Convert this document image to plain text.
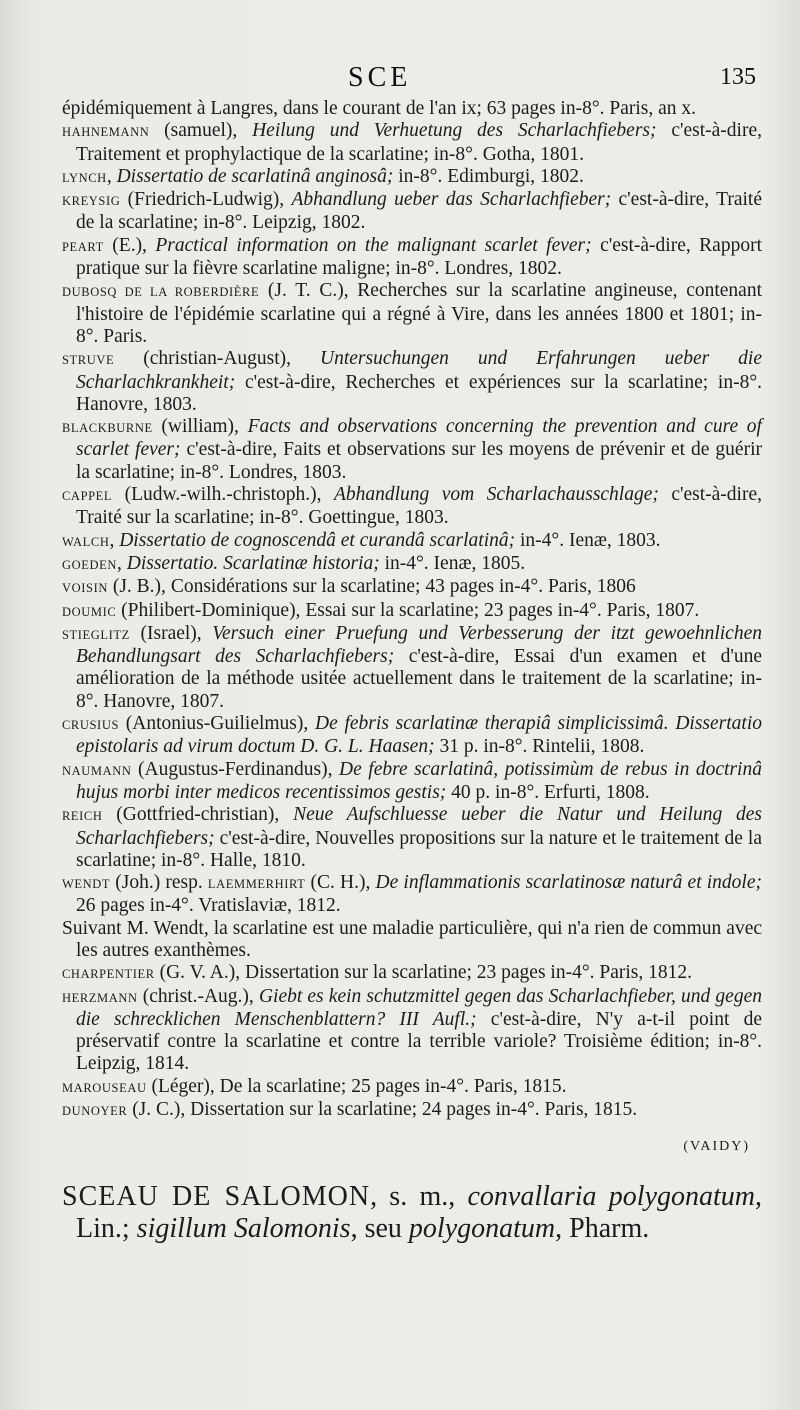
SCE	135

épidémiquement à Langres, dans le courant de l'an ix; 63 pages in-8°. Paris, an x.

HAHNEMANN (samuel), Heilung und Verhuetung des Scharlachfiebers; c'est-à-dire, Traitement et prophylactique de la scarlatine; in-8°. Gotha, 1801.

LYNCH, Dissertatio de scarlatinâ anginosâ; in-8°. Edimburgi, 1802.

KREYSIG (Friedrich-Ludwig), Abhandlung ueber das Scharlachfieber; c'est-à-dire, Traité de la scarlatine; in-8°. Leipzig, 1802.

PEART (E.), Practical information on the malignant scarlet fever; c'est-à-dire, Rapport pratique sur la fièvre scarlatine maligne; in-8°. Londres, 1802.

DUBOSQ DE LA ROBERDIÈRE (J. T. C.), Recherches sur la scarlatine angineuse, contenant l'histoire de l'épidémie scarlatine qui a régné à Vire, dans les années 1800 et 1801; in-8°. Paris.

STRUVE (christian-August), Untersuchungen und Erfahrungen ueber die Scharlachkrankheit; c'est-à-dire, Recherches et expériences sur la scarlatine; in-8°. Hanovre, 1803.

BLACKBURNE (william), Facts and observations concerning the prevention and cure of scarlet fever; c'est-à-dire, Faits et observations sur les moyens de prévenir et de guérir la scarlatine; in-8°. Londres, 1803.

CAPPEL (Ludw.-wilh.-christoph.), Abhandlung vom Scharlachausschlage; c'est-à-dire, Traité sur la scarlatine; in-8°. Goettingue, 1803.

WALCH, Dissertatio de cognoscendâ et curandâ scarlatinâ; in-4°. Ienæ, 1803.

GOEDEN, Dissertatio. Scarlatinæ historia; in-4°. Ienæ, 1805.

VOISIN (J. B.), Considérations sur la scarlatine; 43 pages in-4°. Paris, 1806

DOUMIC (Philibert-Dominique), Essai sur la scarlatine; 23 pages in-4°. Paris, 1807.

STIEGLITZ (Israel), Versuch einer Pruefung und Verbesserung der itzt gewoehnlichen Behandlungsart des Scharlachfiebers; c'est-à-dire, Essai d'un examen et d'une amélioration de la méthode usitée actuellement dans le traitement de la scarlatine; in-8°. Hanovre, 1807.

CRUSIUS (Antonius-Guilielmus), De febris scarlatinæ therapiâ simplicissimâ. Dissertatio epistolaris ad virum doctum D. G. L. Haasen; 31 p. in-8°. Rintelii, 1808.

NAUMANN (Augustus-Ferdinandus), De febre scarlatinâ, potissimùm de rebus in doctrinâ hujus morbi inter medicos recentissimos gestis; 40 p. in-8°. Erfurti, 1808.

REICH (Gottfried-christian), Neue Aufschluesse ueber die Natur und Heilung des Scharlachfiebers; c'est-à-dire, Nouvelles propositions sur la nature et le traitement de la scarlatine; in-8°. Halle, 1810.

WENDT (Joh.) resp. LAEMMERHIRT (C. H.), De inflammationis scarlatinosæ naturâ et indole; 26 pages in-4°. Vratislaviæ, 1812.

Suivant M. Wendt, la scarlatine est une maladie particulière, qui n'a rien de commun avec les autres exanthèmes.

CHARPENTIER (G. V. A.), Dissertation sur la scarlatine; 23 pages in-4°. Paris, 1812.

HERZMANN (christ.-Aug.), Giebt es kein schutzmittel gegen das Scharlachfieber, und gegen die schrecklichen Menschenblattern? III Aufl.; c'est-à-dire, N'y a-t-il point de préservatif contre la scarlatine et contre la terrible variole? Troisième édition; in-8°. Leipzig, 1814.

MAROUSEAU (Léger), De la scarlatine; 25 pages in-4°. Paris, 1815.

DUNOYER (J. C.), Dissertation sur la scarlatine; 24 pages in-4°. Paris, 1815.

(VAIDY)

SCEAU DE SALOMON, s. m., convallaria polygonatum, Lin.; sigillum Salomonis, seu polygonatum, Pharm.
